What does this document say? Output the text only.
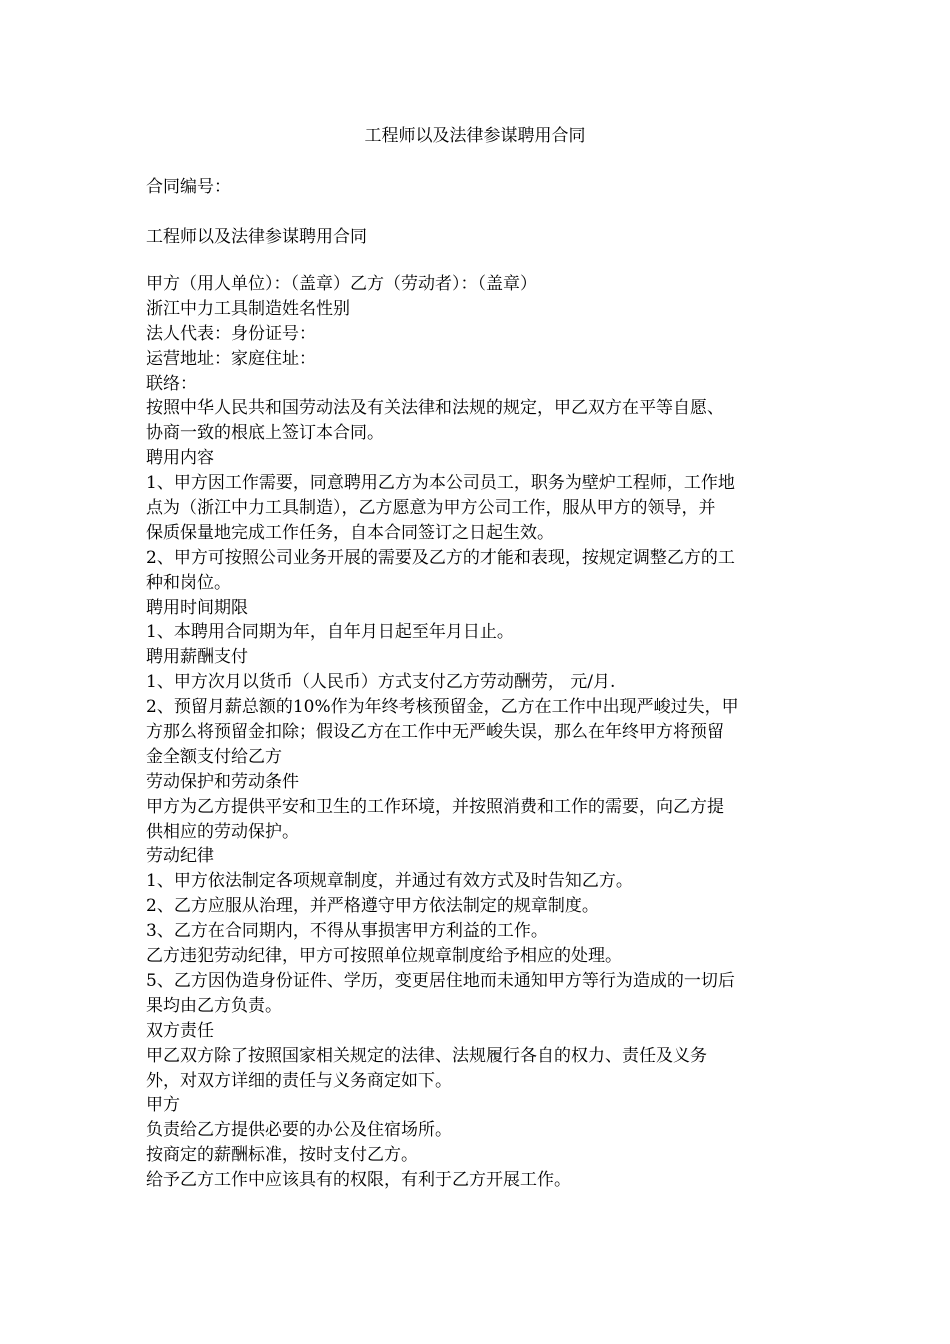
工程师以及法律参谋聘用合同
合同编号：
工程师以及法律参谋聘用合同
甲方（用人单位）：（盖章）乙方（劳动者）：（盖章）
浙江中力工具制造姓名性别
法人代表：身份证号：
运营地址：家庭住址：
联络：
按照中华人民共和国劳动法及有关法律和法规的规定，甲乙双方在平等自愿、
协商一致的根底上签订本合同。
聘用内容
1、甲方因工作需要，同意聘用乙方为本公司员工，职务为壁炉工程师，工作地
点为（浙江中力工具制造），乙方愿意为甲方公司工作，服从甲方的领导，并
保质保量地完成工作任务，自本合同签订之日起生效。
2、甲方可按照公司业务开展的需要及乙方的才能和表现，按规定调整乙方的工
种和岗位。
聘用时间期限
1、本聘用合同期为年，自年月日起至年月日止。
聘用薪酬支付
1、甲方次月以货币（人民币）方式支付乙方劳动酬劳， 元/月.
2、预留月薪总额的10%作为年终考核预留金，乙方在工作中出现严峻过失，甲
方那么将预留金扣除；假设乙方在工作中无严峻失误，那么在年终甲方将预留
金全额支付给乙方
劳动保护和劳动条件
甲方为乙方提供平安和卫生的工作环境，并按照消费和工作的需要，向乙方提
供相应的劳动保护。
劳动纪律
1、甲方依法制定各项规章制度，并通过有效方式及时告知乙方。
2、乙方应服从治理，并严格遵守甲方依法制定的规章制度。
3、乙方在合同期内，不得从事损害甲方利益的工作。
乙方违犯劳动纪律，甲方可按照单位规章制度给予相应的处理。
5、乙方因伪造身份证件、学历，变更居住地而未通知甲方等行为造成的一切后
果均由乙方负责。
双方责任
甲乙双方除了按照国家相关规定的法律、法规履行各自的权力、责任及义务
外，对双方详细的责任与义务商定如下。
甲方
负责给乙方提供必要的办公及住宿场所。
按商定的薪酬标准，按时支付乙方。
给予乙方工作中应该具有的权限，有利于乙方开展工作。
